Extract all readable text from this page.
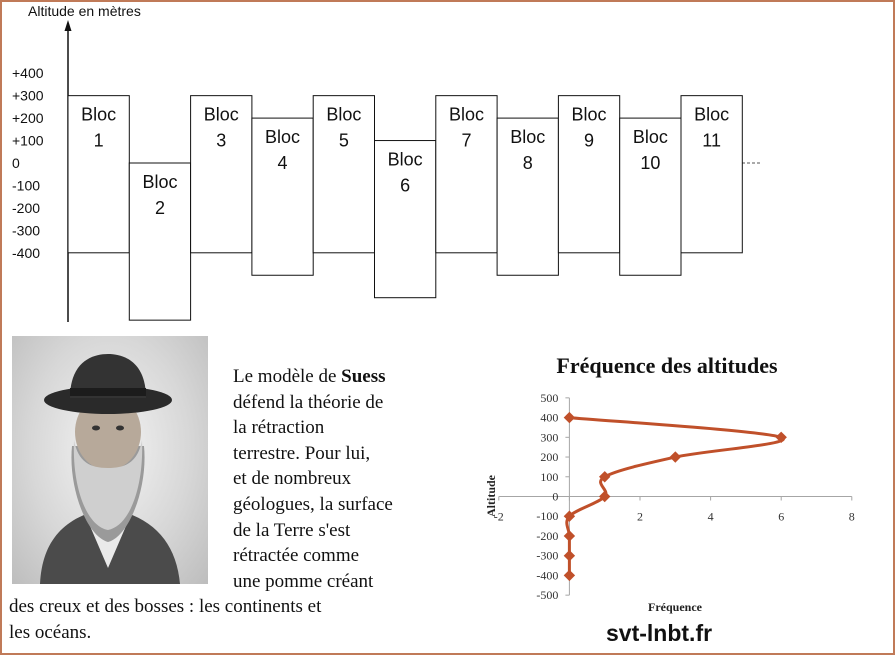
Altitude en mètres
+400
+300
+200
+100
0
-100
-200
-300
-400
Bloc
1
Bloc
2
Bloc
3 Bloc
4
Bloc
5
Bloc
6
Bloc
7 Bloc
8
Bloc
9 Bloc
10
Bloc
11
Le modèle de Suess
défend la théorie de
la rétraction
terrestre. Pour lui,
et de nombreux
géologues, la surface
de la Terre s'est
rétractée comme
une pomme créant
des creux et des bosses : les continents et
les océans.
Fréquence des altitudes
-2	2	4	6	8
500
400
300
200
100
0
-100
-200
-300
-400
-500
Fréquence
Altitude
svt-lnbt.fr
